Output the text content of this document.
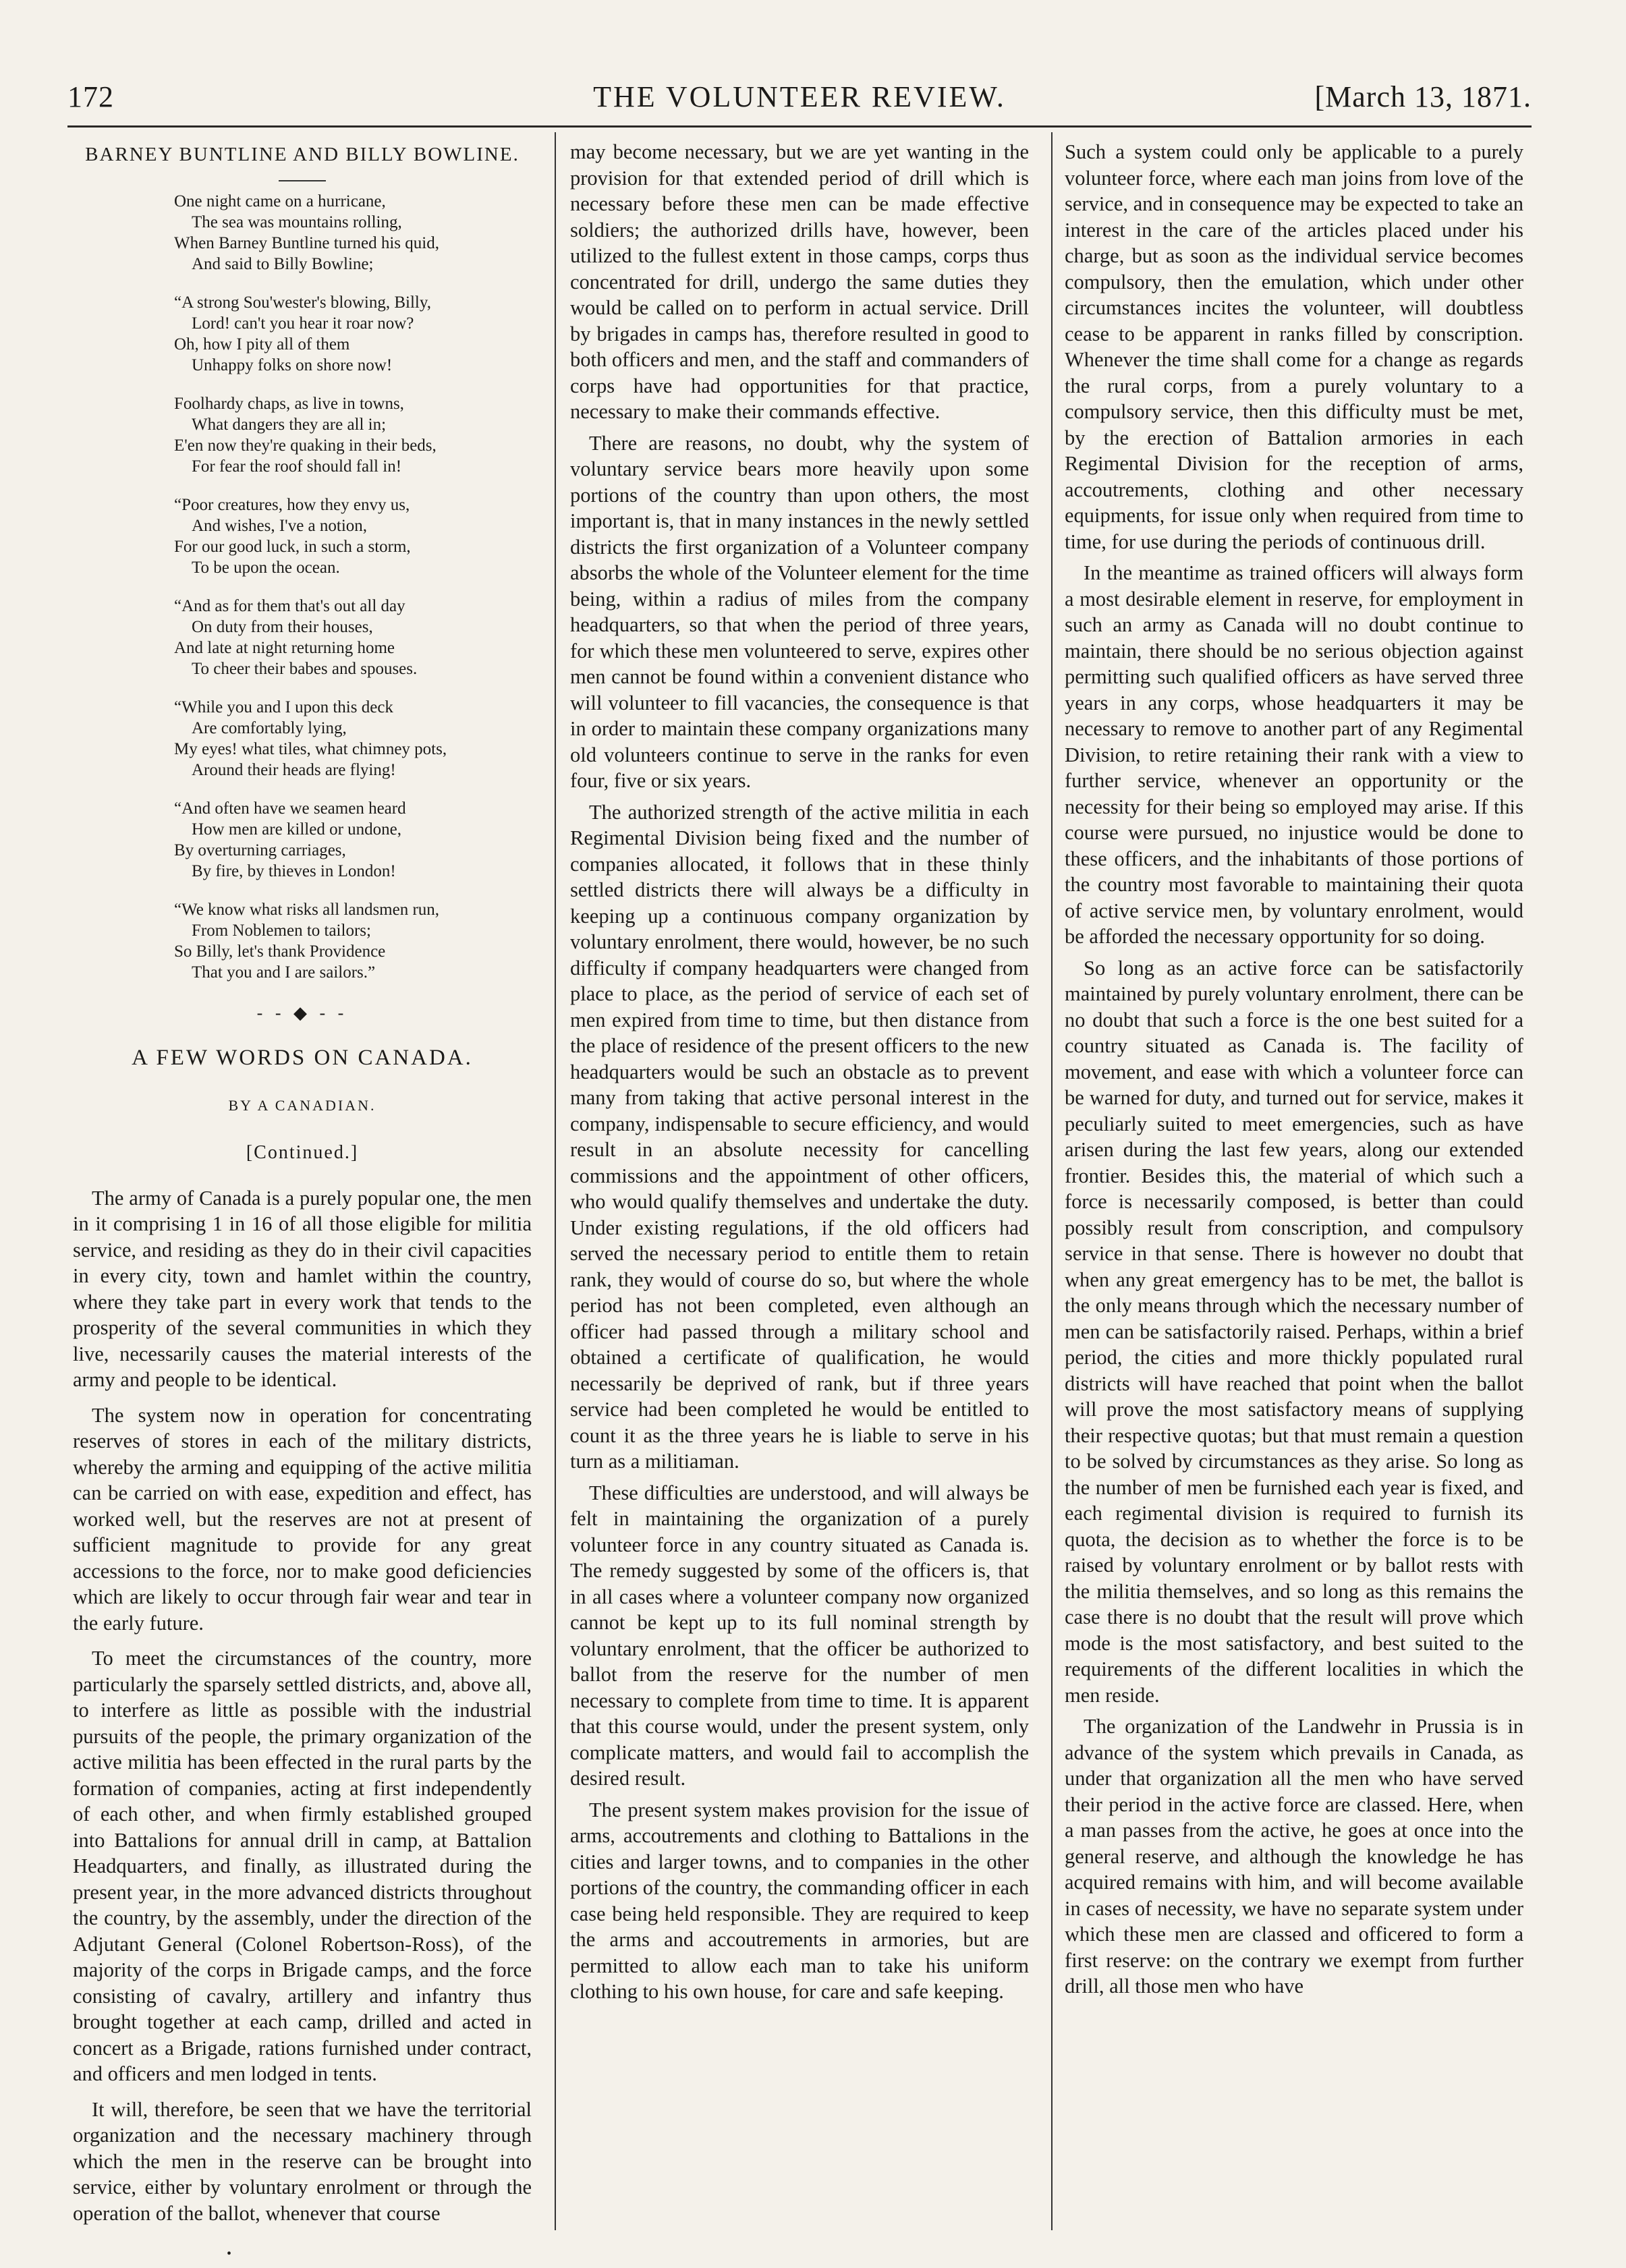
172	THE VOLUNTEER REVIEW.	[March 13, 1871.
BARNEY BUNTLINE AND BILLY BOWLINE.
One night came on a hurricane,
The sea was mountains rolling,
When Barney Buntline turned his quid,
And said to Billy Bowline;
“A strong Sou'wester's blowing, Billy,
Lord! can't you hear it roar now?
Oh, how I pity all of them
Unhappy folks on shore now!
Foolhardy chaps, as live in towns,
What dangers they are all in;
E'en now they're quaking in their beds,
For fear the roof should fall in!
“Poor creatures, how they envy us,
And wishes, I've a notion,
For our good luck, in such a storm,
To be upon the ocean.
“And as for them that's out all day
On duty from their houses,
And late at night returning home
To cheer their babes and spouses.
“While you and I upon this deck
Are comfortably lying,
My eyes! what tiles, what chimney pots,
Around their heads are flying!
“And often have we seamen heard
How men are killed or undone,
By overturning carriages,
By fire, by thieves in London!
“We know what risks all landsmen run,
From Noblemen to tailors;
So Billy, let's thank Providence
That you and I are sailors.”
- - ◆ - -
A FEW WORDS ON CANADA.
BY A CANADIAN.
[Continued.]

The army of Canada is a purely popular one, the men in it comprising 1 in 16 of all those eligible for militia service, and residing as they do in their civil capacities in every city, town and hamlet within the country, where they take part in every work that tends to the prosperity of the several communities in which they live, necessarily causes the material interests of the army and people to be identical.

The system now in operation for concentrating reserves of stores in each of the military districts, whereby the arming and equipping of the active militia can be carried on with ease, expedition and effect, has worked well, but the reserves are not at present of sufficient magnitude to provide for any great accessions to the force, nor to make good deficiencies which are likely to occur through fair wear and tear in the early future.

To meet the circumstances of the country, more particularly the sparsely settled districts, and, above all, to interfere as little as possible with the industrial pursuits of the people, the primary organization of the active militia has been effected in the rural parts by the formation of companies, acting at first independently of each other, and when firmly established grouped into Battalions for annual drill in camp, at Battalion Headquarters, and finally, as illustrated during the present year, in the more advanced districts throughout the country, by the assembly, under the direction of the Adjutant General (Colonel Robertson-Ross), of the majority of the corps in Brigade camps, and the force consisting of cavalry, artillery and infantry thus brought together at each camp, drilled and acted in concert as a Brigade, rations furnished under contract, and officers and men lodged in tents.

It will, therefore, be seen that we have the territorial organization and the necessary machinery through which the men in the reserve can be brought into service, either by voluntary enrolment or through the operation of the ballot, whenever that course

may become necessary, but we are yet wanting in the provision for that extended period of drill which is necessary before these men can be made effective soldiers; the authorized drills have, however, been utilized to the fullest extent in those camps, corps thus concentrated for drill, undergo the same duties they would be called on to perform in actual service. Drill by brigades in camps has, therefore resulted in good to both officers and men, and the staff and commanders of corps have had opportunities for that practice, necessary to make their commands effective.

There are reasons, no doubt, why the system of voluntary service bears more heavily upon some portions of the country than upon others, the most important is, that in many instances in the newly settled districts the first organization of a Volunteer company absorbs the whole of the Volunteer element for the time being, within a radius of miles from the company headquarters, so that when the period of three years, for which these men volunteered to serve, expires other men cannot be found within a convenient distance who will volunteer to fill vacancies, the consequence is that in order to maintain these company organizations many old volunteers continue to serve in the ranks for even four, five or six years.

The authorized strength of the active militia in each Regimental Division being fixed and the number of companies allocated, it follows that in these thinly settled districts there will always be a difficulty in keeping up a continuous company organization by voluntary enrolment, there would, however, be no such difficulty if company headquarters were changed from place to place, as the period of service of each set of men expired from time to time, but then distance from the place of residence of the present officers to the new headquarters would be such an obstacle as to prevent many from taking that active personal interest in the company, indispensable to secure efficiency, and would result in an absolute necessity for cancelling commissions and the appointment of other officers, who would qualify themselves and undertake the duty. Under existing regulations, if the old officers had served the necessary period to entitle them to retain rank, they would of course do so, but where the whole period has not been completed, even although an officer had passed through a military school and obtained a certificate of qualification, he would necessarily be deprived of rank, but if three years service had been completed he would be entitled to count it as the three years he is liable to serve in his turn as a militiaman.

These difficulties are understood, and will always be felt in maintaining the organization of a purely volunteer force in any country situated as Canada is. The remedy suggested by some of the officers is, that in all cases where a volunteer company now organized cannot be kept up to its full nominal strength by voluntary enrolment, that the officer be authorized to ballot from the reserve for the number of men necessary to complete from time to time. It is apparent that this course would, under the present system, only complicate matters, and would fail to accomplish the desired result.

The present system makes provision for the issue of arms, accoutrements and clothing to Battalions in the cities and larger towns, and to companies in the other portions of the country, the commanding officer in each case being held responsible. They are required to keep the arms and accoutrements in armories, but are permitted to allow each man to take his uniform clothing to his own house, for care and safe keeping.

Such a system could only be applicable to a purely volunteer force, where each man joins from love of the service, and in consequence may be expected to take an interest in the care of the articles placed under his charge, but as soon as the individual service becomes compulsory, then the emulation, which under other circumstances incites the volunteer, will doubtless cease to be apparent in ranks filled by conscription. Whenever the time shall come for a change as regards the rural corps, from a purely voluntary to a compulsory service, then this difficulty must be met, by the erection of Battalion armories in each Regimental Division for the reception of arms, accoutrements, clothing and other necessary equipments, for issue only when required from time to time, for use during the periods of continuous drill.

In the meantime as trained officers will always form a most desirable element in reserve, for employment in such an army as Canada will no doubt continue to maintain, there should be no serious objection against permitting such qualified officers as have served three years in any corps, whose headquarters it may be necessary to remove to another part of any Regimental Division, to retire retaining their rank with a view to further service, whenever an opportunity or the necessity for their being so employed may arise. If this course were pursued, no injustice would be done to these officers, and the inhabitants of those portions of the country most favorable to maintaining their quota of active service men, by voluntary enrolment, would be afforded the necessary opportunity for so doing.

So long as an active force can be satisfactorily maintained by purely voluntary enrolment, there can be no doubt that such a force is the one best suited for a country situated as Canada is. The facility of movement, and ease with which a volunteer force can be warned for duty, and turned out for service, makes it peculiarly suited to meet emergencies, such as have arisen during the last few years, along our extended frontier. Besides this, the material of which such a force is necessarily composed, is better than could possibly result from conscription, and compulsory service in that sense. There is however no doubt that when any great emergency has to be met, the ballot is the only means through which the necessary number of men can be satisfactorily raised. Perhaps, within a brief period, the cities and more thickly populated rural districts will have reached that point when the ballot will prove the most satisfactory means of supplying their respective quotas; but that must remain a question to be solved by circumstances as they arise. So long as the number of men be furnished each year is fixed, and each regimental division is required to furnish its quota, the decision as to whether the force is to be raised by voluntary enrolment or by ballot rests with the militia themselves, and so long as this remains the case there is no doubt that the result will prove which mode is the most satisfactory, and best suited to the requirements of the different localities in which the men reside.

The organization of the Landwehr in Prussia is in advance of the system which prevails in Canada, as under that organization all the men who have served their period in the active force are classed. Here, when a man passes from the active, he goes at once into the general reserve, and although the knowledge he has acquired remains with him, and will become available in cases of necessity, we have no separate system under which these men are classed and officered to form a first reserve: on the contrary we exempt from further drill, all those men who have

•
